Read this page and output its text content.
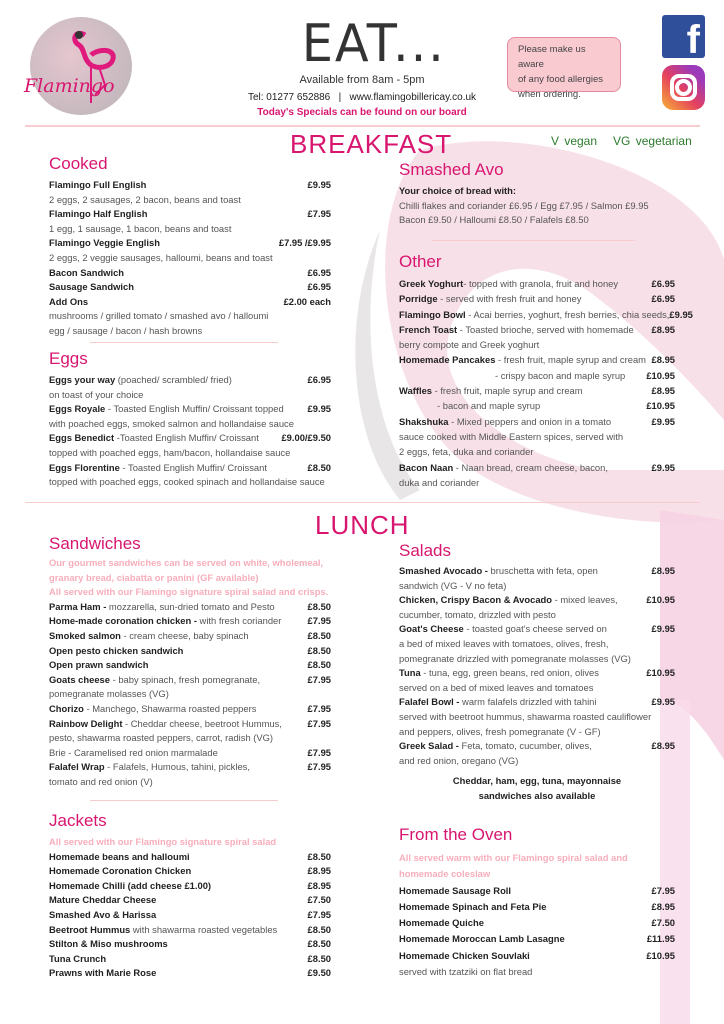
Flamingo
EAT...
Available from 8am - 5pm
Tel: 01277 652886   |   www.flamingobillericay.co.uk
Today's Specials can be found on our board
Please make us aware
of any food allergies
when ordering.
f
BREAKFAST	V vegan VG vegetarian
Cooked
Flamingo Full English	£9.95
2 eggs, 2 sausages, 2 bacon, beans and toast
Flamingo Half English	£7.95
1 egg, 1 sausage, 1 bacon, beans and toast
Flamingo Veggie English	£7.95 /£9.95
2 eggs, 2 veggie sausages, halloumi, beans and toast
Bacon Sandwich	£6.95
Sausage Sandwich	£6.95
Add Ons	£2.00 each
mushrooms / grilled tomato / smashed avo / halloumi
egg / sausage / bacon / hash browns
Eggs
Eggs your way (poached/ scrambled/ fried)	£6.95
on toast of your choice
Eggs Royale - Toasted English Muffin/ Croissant topped	£9.95
with poached eggs, smoked salmon and hollandaise sauce
Eggs Benedict -Toasted English Muffin/ Croissant £9.00/£9.50
topped with poached eggs, ham/bacon, hollandaise sauce
Eggs Florentine - Toasted English Muffin/ Croissant	£8.50
topped with poached eggs, cooked spinach and hollandaise sauce
Smashed Avo
Your choice of bread with:
Chilli flakes and coriander £6.95 / Egg £7.95 / Salmon £9.95
Bacon £9.50 / Halloumi £8.50 / Falafels £8.50
Other
Greek Yoghurt- topped with granola, fruit and honey	£6.95
Porridge - served with fresh fruit and honey	£6.95
Flamingo Bowl - Acai berries, yoghurt, fresh berries, chia seeds, £9.95
French Toast - Toasted brioche, served with homemade £8.95
berry compote and Greek yoghurt
Homemade Pancakes - fresh fruit, maple syrup and cream £8.95
- crispy bacon and maple syrup £10.95
Waffles - fresh fruit, maple syrup and cream	£8.95
- bacon and maple syrup	£10.95
Shakshuka - Mixed peppers and onion in a tomato	£9.95
sauce cooked with Middle Eastern spices, served with
2 eggs, feta, duka and coriander
Bacon Naan - Naan bread, cream cheese, bacon,	£9.95
duka and coriander
LUNCH
Sandwiches
Our gourmet sandwiches can be served on white, wholemeal,
granary bread, ciabatta or panini (GF available)
All served with our Flamingo signature spiral salad and crisps.
Parma Ham - mozzarella, sun-dried tomato and Pesto	£8.50
Home-made coronation chicken - with fresh coriander	£7.95
Smoked salmon - cream cheese, baby spinach	£8.50
Open pesto chicken sandwich	£8.50
Open prawn sandwich	£8.50
Goats cheese - baby spinach, fresh pomegranate,	£7.95
pomegranate molasses (VG)
Chorizo - Manchego, Shawarma roasted peppers	£7.95
Rainbow Delight - Cheddar cheese, beetroot Hummus,	£7.95
pesto, shawarma roasted peppers, carrot, radish (VG)
Brie - Caramelised red onion marmalade	£7.95
Falafel Wrap - Falafels, Humous, tahini, pickles,	£7.95
tomato and red onion (V)
Jackets
All served with our Flamingo signature spiral salad
Homemade beans and halloumi	£8.50
Homemade Coronation Chicken	£8.95
Homemade Chilli (add cheese £1.00)	£8.95
Mature Cheddar Cheese	£7.50
Smashed Avo & Harissa	£7.95
Beetroot Hummus with shawarma roasted vegetables	£8.50
Stilton & Miso mushrooms	£8.50
Tuna Crunch	£8.50
Prawns with Marie Rose	£9.50
Salads
Smashed Avocado - bruschetta with feta, open	£8.95
sandwich (VG - V no feta)
Chicken, Crispy Bacon & Avocado - mixed leaves,	£10.95
cucumber, tomato, drizzled with pesto
Goat's Cheese - toasted goat's cheese served on	£9.95
a bed of mixed leaves with tomatoes, olives, fresh,
pomegranate drizzled with pomegranate molasses (VG)
Tuna - tuna, egg, green beans, red onion, olives	£10.95
served on a bed of mixed leaves and tomatoes
Falafel Bowl - warm falafels drizzled with tahini	£9.95
served with beetroot hummus, shawarma roasted cauliflower
and peppers, olives, fresh pomegranate (V - GF)
Greek Salad - Feta, tomato, cucumber, olives,	£8.95
and red onion, oregano (VG)
Cheddar, ham, egg, tuna, mayonnaise
sandwiches also available
From the Oven
All served warm with our Flamingo spiral salad and
homemade coleslaw
Homemade Sausage Roll	£7.95
Homemade Spinach and Feta Pie	£8.95
Homemade Quiche	£7.50
Homemade Moroccan Lamb Lasagne	£11.95
Homemade Chicken Souvlaki	£10.95
served with tzatziki on flat bread
